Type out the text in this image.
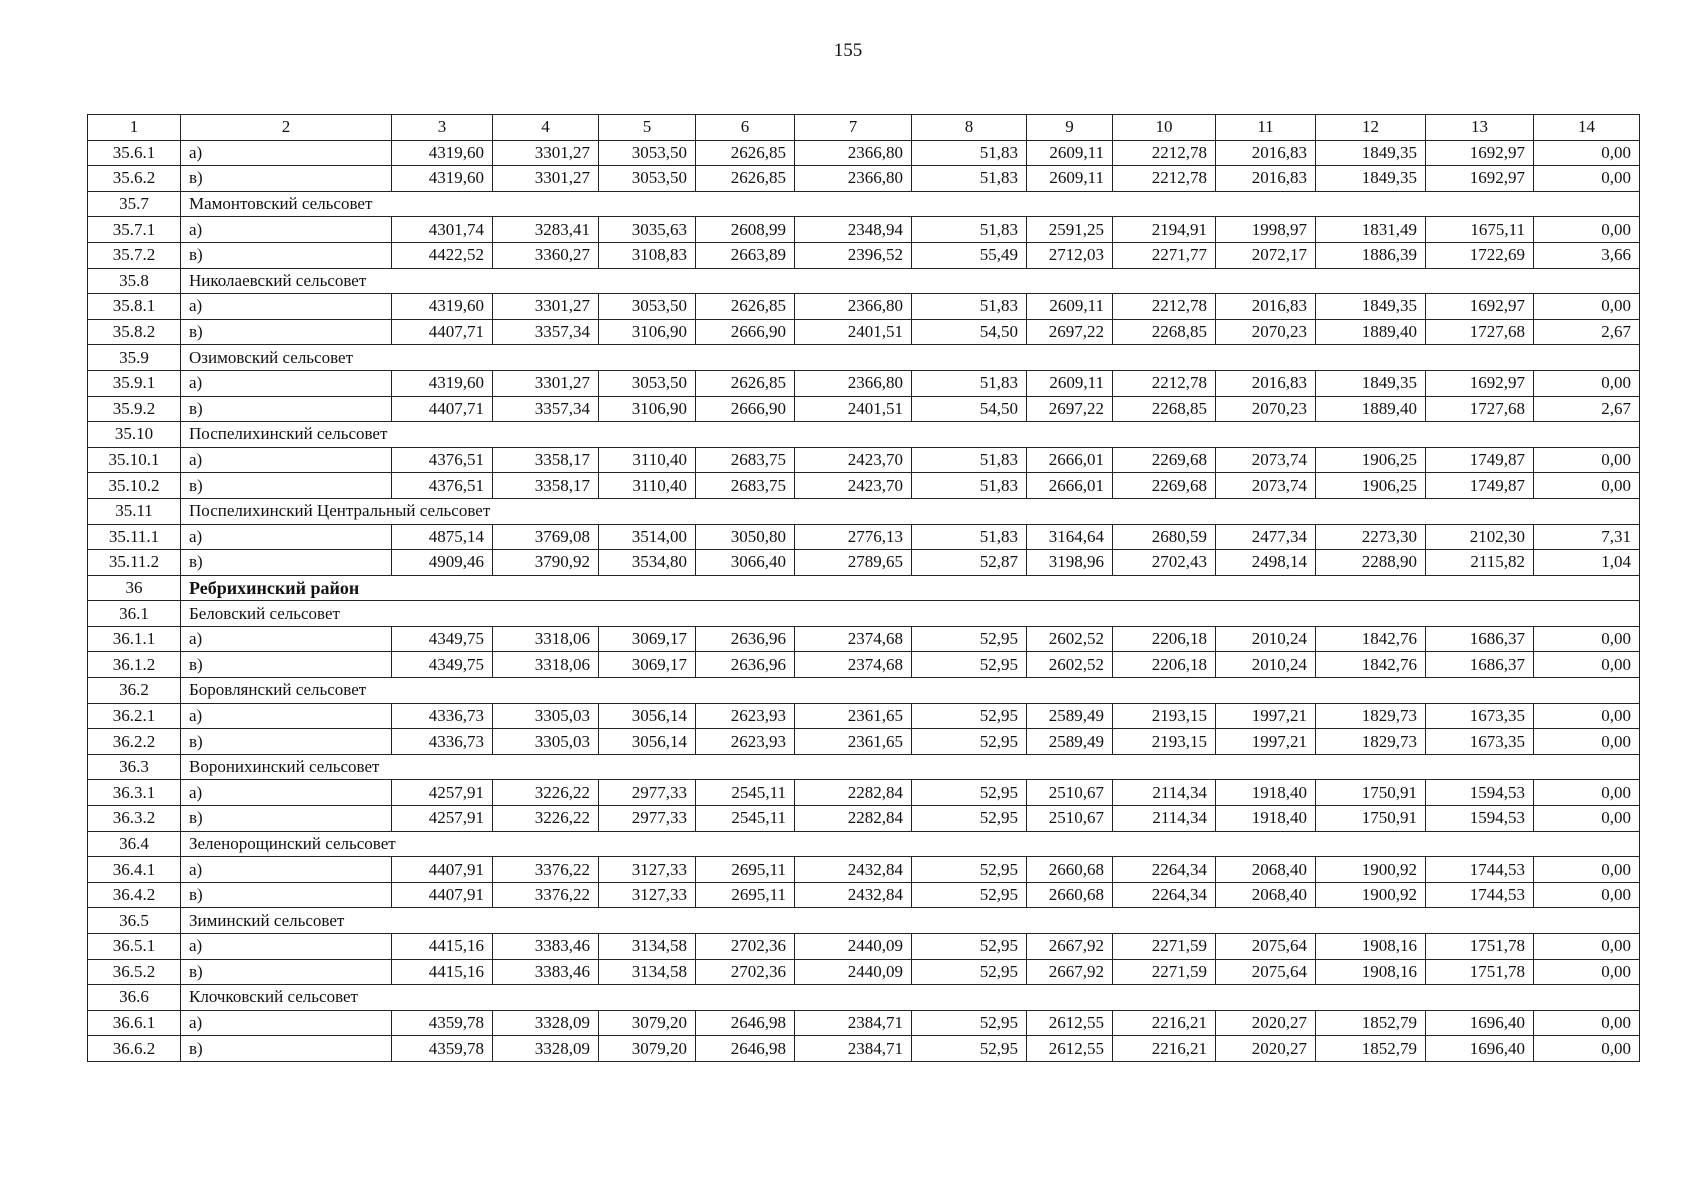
155
1	2	3	4	5	6	7	8	9	10	11	12	13	14
35.6.1	а)	4319,60	3301,27	3053,50	2626,85	2366,80	51,83	2609,11	2212,78	2016,83	1849,35	1692,97	0,00
35.6.2	в)	4319,60	3301,27	3053,50	2626,85	2366,80	51,83	2609,11	2212,78	2016,83	1849,35	1692,97	0,00
35.7	Мамонтовский сельсовет												
35.7.1	а)	4301,74	3283,41	3035,63	2608,99	2348,94	51,83	2591,25	2194,91	1998,97	1831,49	1675,11	0,00
35.7.2	в)	4422,52	3360,27	3108,83	2663,89	2396,52	55,49	2712,03	2271,77	2072,17	1886,39	1722,69	3,66
35.8	Николаевский сельсовет												
35.8.1	а)	4319,60	3301,27	3053,50	2626,85	2366,80	51,83	2609,11	2212,78	2016,83	1849,35	1692,97	0,00
35.8.2	в)	4407,71	3357,34	3106,90	2666,90	2401,51	54,50	2697,22	2268,85	2070,23	1889,40	1727,68	2,67
35.9	Озимовский сельсовет												
35.9.1	а)	4319,60	3301,27	3053,50	2626,85	2366,80	51,83	2609,11	2212,78	2016,83	1849,35	1692,97	0,00
35.9.2	в)	4407,71	3357,34	3106,90	2666,90	2401,51	54,50	2697,22	2268,85	2070,23	1889,40	1727,68	2,67
35.10	Поспелихинский сельсовет												
35.10.1	а)	4376,51	3358,17	3110,40	2683,75	2423,70	51,83	2666,01	2269,68	2073,74	1906,25	1749,87	0,00
35.10.2	в)	4376,51	3358,17	3110,40	2683,75	2423,70	51,83	2666,01	2269,68	2073,74	1906,25	1749,87	0,00
35.11	Поспелихинский Центральный сельсовет												
35.11.1	а)	4875,14	3769,08	3514,00	3050,80	2776,13	51,83	3164,64	2680,59	2477,34	2273,30	2102,30	7,31
35.11.2	в)	4909,46	3790,92	3534,80	3066,40	2789,65	52,87	3198,96	2702,43	2498,14	2288,90	2115,82	1,04
36	Ребрихинский район												
36.1	Беловский сельсовет												
36.1.1	а)	4349,75	3318,06	3069,17	2636,96	2374,68	52,95	2602,52	2206,18	2010,24	1842,76	1686,37	0,00
36.1.2	в)	4349,75	3318,06	3069,17	2636,96	2374,68	52,95	2602,52	2206,18	2010,24	1842,76	1686,37	0,00
36.2	Боровлянский сельсовет												
36.2.1	а)	4336,73	3305,03	3056,14	2623,93	2361,65	52,95	2589,49	2193,15	1997,21	1829,73	1673,35	0,00
36.2.2	в)	4336,73	3305,03	3056,14	2623,93	2361,65	52,95	2589,49	2193,15	1997,21	1829,73	1673,35	0,00
36.3	Воронихинский сельсовет												
36.3.1	а)	4257,91	3226,22	2977,33	2545,11	2282,84	52,95	2510,67	2114,34	1918,40	1750,91	1594,53	0,00
36.3.2	в)	4257,91	3226,22	2977,33	2545,11	2282,84	52,95	2510,67	2114,34	1918,40	1750,91	1594,53	0,00
36.4	Зеленорощинский сельсовет												
36.4.1	а)	4407,91	3376,22	3127,33	2695,11	2432,84	52,95	2660,68	2264,34	2068,40	1900,92	1744,53	0,00
36.4.2	в)	4407,91	3376,22	3127,33	2695,11	2432,84	52,95	2660,68	2264,34	2068,40	1900,92	1744,53	0,00
36.5	Зиминский сельсовет												
36.5.1	а)	4415,16	3383,46	3134,58	2702,36	2440,09	52,95	2667,92	2271,59	2075,64	1908,16	1751,78	0,00
36.5.2	в)	4415,16	3383,46	3134,58	2702,36	2440,09	52,95	2667,92	2271,59	2075,64	1908,16	1751,78	0,00
36.6	Клочковский сельсовет												
36.6.1	а)	4359,78	3328,09	3079,20	2646,98	2384,71	52,95	2612,55	2216,21	2020,27	1852,79	1696,40	0,00
36.6.2	в)	4359,78	3328,09	3079,20	2646,98	2384,71	52,95	2612,55	2216,21	2020,27	1852,79	1696,40	0,00
